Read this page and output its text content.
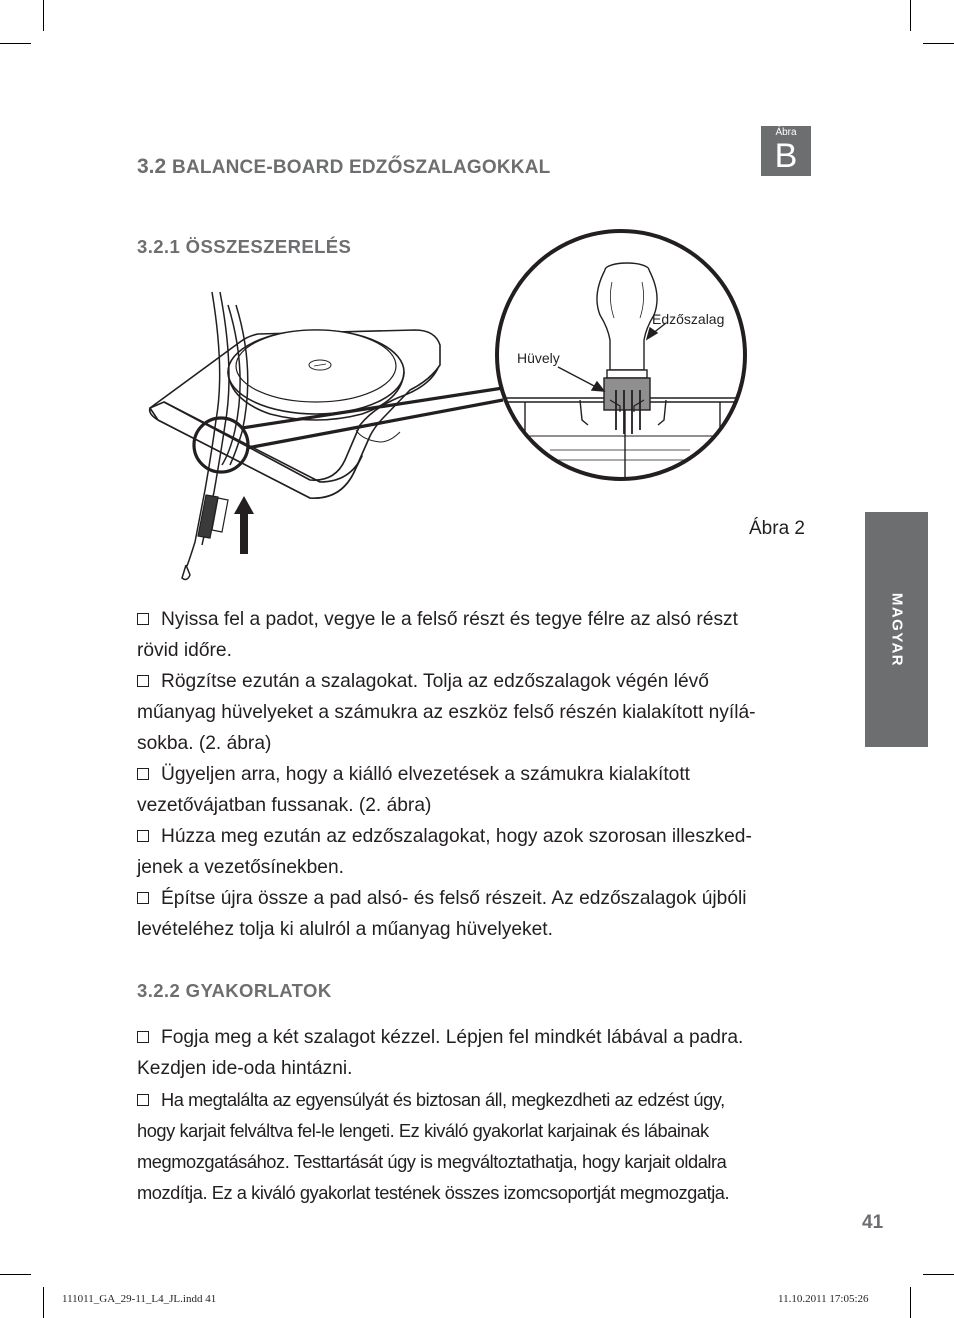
Ábra
B
3.2 BALANCE-BOARD EDZŐSZALAGOKKAL
3.2.1 ÖSSZESZERELÉS
Edzőszalag
Hüvely
Ábra 2
MAGYAR

Nyissa fel a padot, vegye le a felső részt és tegye félre az alsó részt
rövid időre.

Rögzítse ezután a szalagokat. Tolja az edzőszalagok végén lévő
műanyag hüvelyeket a számukra az eszköz felső részén kialakított nyílá-
sokba. (2. ábra)

Ügyeljen arra, hogy a kiálló elvezetések a számukra kialakított
vezetővájatban fussanak. (2. ábra)

Húzza meg ezután az edzőszalagokat, hogy azok szorosan illeszked-
jenek a vezetősínekben.

Építse újra össze a pad alsó- és felső részeit. Az edzőszalagok újbóli
levételéhez tolja ki alulról a műanyag hüvelyeket.

3.2.2 GYAKORLATOK

Fogja meg a két szalagot kézzel. Lépjen fel mindkét lábával a padra.
Kezdjen ide-oda hintázni.

Ha megtalálta az egyensúlyát és biztosan áll, megkezdheti az edzést úgy,
hogy karjait felváltva fel-le lengeti. Ez kiváló gyakorlat karjainak és lábainak
megmozgatásához. Testtartását úgy is megváltoztathatja, hogy karjait oldalra
mozdítja. Ez a kiváló gyakorlat testének összes izomcsoportját megmozgatja.

41
111011_GA_29-11_L4_JL.indd 41	11.10.2011 17:05:26
